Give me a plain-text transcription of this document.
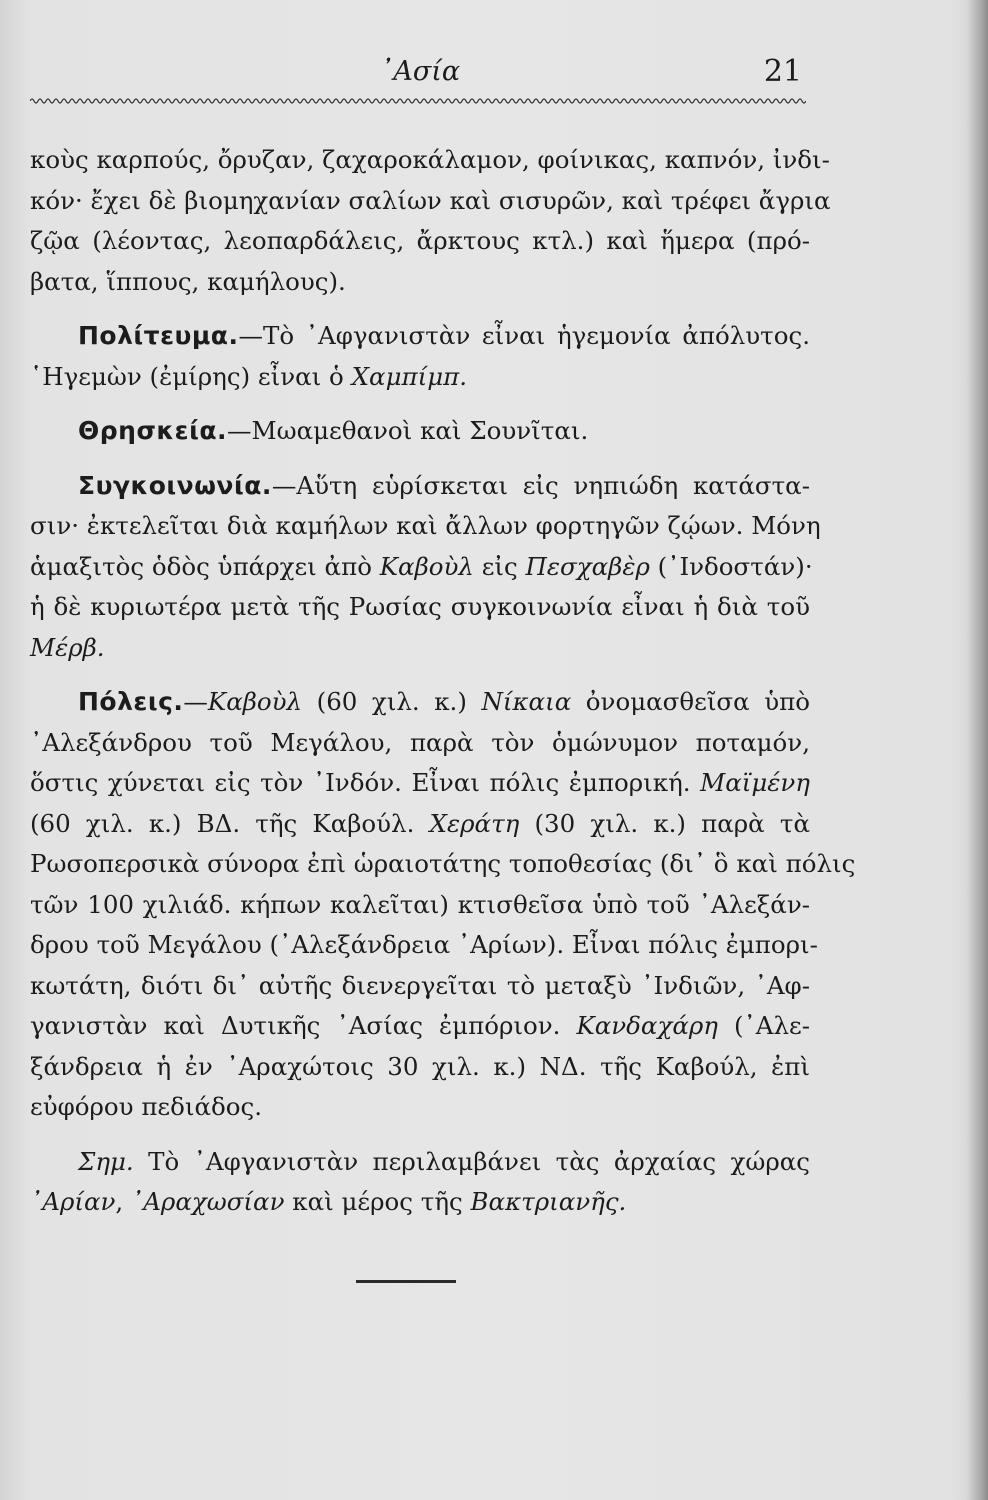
᾿Ασία	21
κοὺς καρπούς, ὄρυζαν, ζαχαροκάλαμον, φοίνικας, καπνόν, ἰνδι-
κόν· ἔχει δὲ βιομηχανίαν σαλίων καὶ σισυρῶν, καὶ τρέφει ἄγρια
ζῷα (λέοντας, λεοπαρδάλεις, ἄρκτους κτλ.) καὶ ἥμερα (πρό-
βατα, ἵππους, καμήλους).
Πολίτευμα.—Τὸ ᾿Αφγανιστὰν εἶναι ἡγεμονία ἀπόλυτος.
῾Ηγεμὼν (ἐμίρης) εἶναι ὁ Χαμπίμπ.
Θρησκεία.—Μωαμεθανοὶ καὶ Σουνῖται.
Συγκοινωνία.—Αὕτη εὑρίσκεται εἰς νηπιώδη κατάστα-
σιν· ἐκτελεῖται διὰ καμήλων καὶ ἄλλων φορτηγῶν ζῴων. Μόνη
ἁμαξιτὸς ὁδὸς ὑπάρχει ἀπὸ Καβοὺλ εἰς Πεσχαβὲρ (᾿Ινδοστάν)·
ἡ δὲ κυριωτέρα μετὰ τῆς Ρωσίας συγκοινωνία εἶναι ἡ διὰ τοῦ
Μέρβ.
Πόλεις.—Καβοὺλ (60 χιλ. κ.) Νίκαια ὀνομασθεῖσα ὑπὸ
᾿Αλεξάνδρου τοῦ Μεγάλου, παρὰ τὸν ὁμώνυμον ποταμόν,
ὅστις χύνεται εἰς τὸν ᾿Ινδόν. Εἶναι πόλις ἐμπορική. Μαϊμένη
(60 χιλ. κ.) ΒΔ. τῆς Καβούλ. Χεράτη (30 χιλ. κ.) παρὰ τὰ
Ρωσοπερσικὰ σύνορα ἐπὶ ὡραιοτάτης τοποθεσίας (δι᾿ ὃ καὶ πόλις
τῶν 100 χιλιάδ. κήπων καλεῖται) κτισθεῖσα ὑπὸ τοῦ ᾿Αλεξάν-
δρου τοῦ Μεγάλου (᾿Αλεξάνδρεια ᾿Αρίων). Εἶναι πόλις ἐμπορι-
κωτάτη, διότι δι᾿ αὐτῆς διενεργεῖται τὸ μεταξὺ ᾿Ινδιῶν, ᾿Αφ-
γανιστὰν καὶ Δυτικῆς ᾿Ασίας ἐμπόριον. Κανδαχάρη (᾿Αλε-
ξάνδρεια ἡ ἐν ᾿Αραχώτοις 30 χιλ. κ.) ΝΔ. τῆς Καβούλ, ἐπὶ
εὐφόρου πεδιάδος.
Σημ. Τὸ ᾿Αφγανιστὰν περιλαμβάνει τὰς ἀρχαίας χώρας
᾿Αρίαν, ᾿Αραχωσίαν καὶ μέρος τῆς Βακτριανῆς.
